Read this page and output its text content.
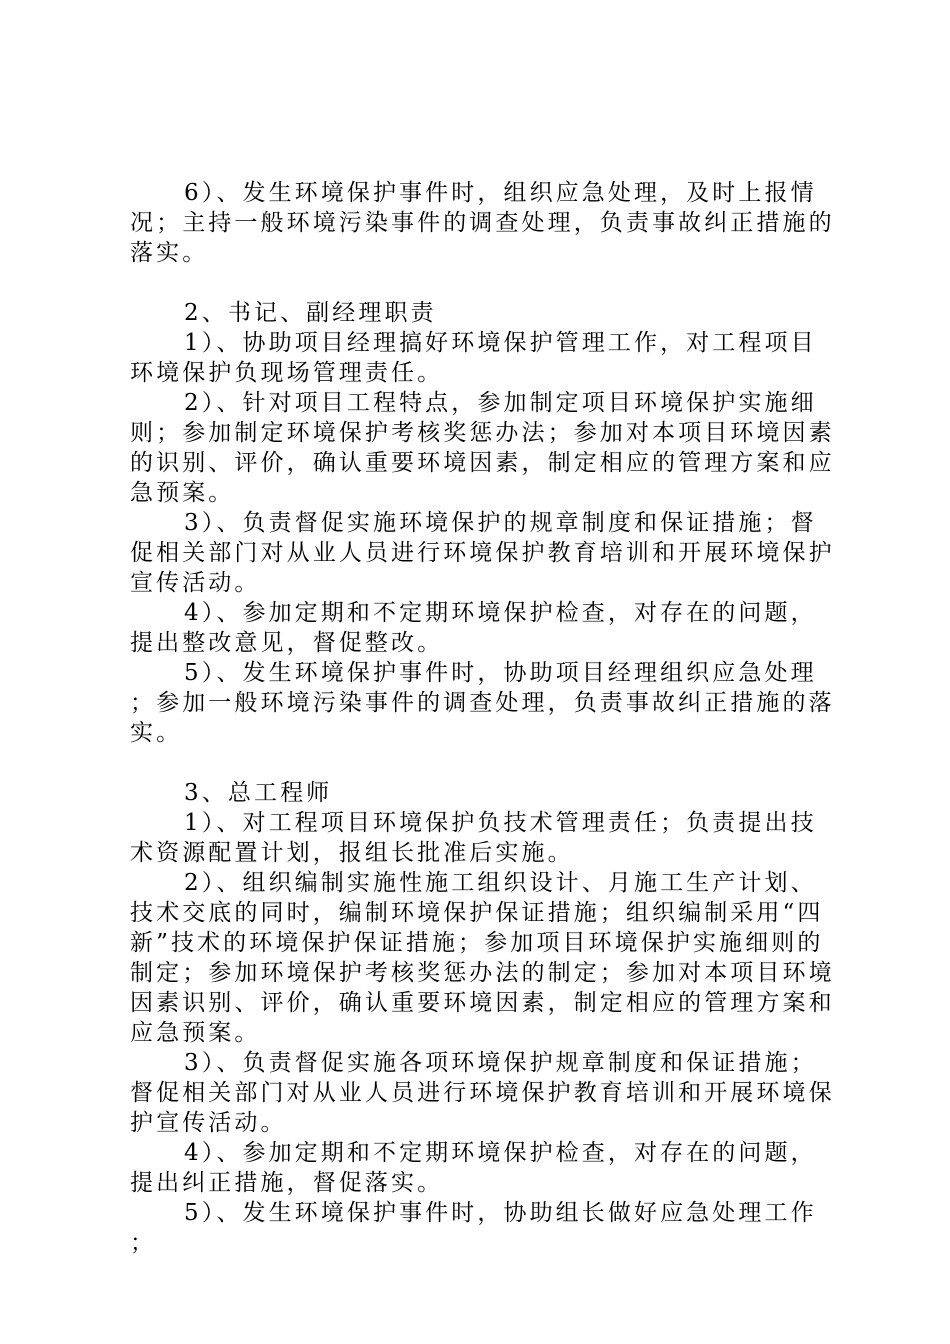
6）、发生环境保护事件时，组织应急处理，及时上报情况；主持一般环境污染事件的调查处理，负责事故纠正措施的落实。

2、书记、副经理职责

1）、协助项目经理搞好环境保护管理工作，对工程项目环境保护负现场管理责任。

2）、针对项目工程特点，参加制定项目环境保护实施细则；参加制定环境保护考核奖惩办法；参加对本项目环境因素的识别、评价，确认重要环境因素，制定相应的管理方案和应急预案。

3）、负责督促实施环境保护的规章制度和保证措施；督促相关部门对从业人员进行环境保护教育培训和开展环境保护宣传活动。

4）、参加定期和不定期环境保护检查，对存在的问题，提出整改意见，督促整改。

5）、发生环境保护事件时，协助项目经理组织应急处理；参加一般环境污染事件的调查处理，负责事故纠正措施的落实。

3、总工程师

1）、对工程项目环境保护负技术管理责任；负责提出技术资源配置计划，报组长批准后实施。

2）、组织编制实施性施工组织设计、月施工生产计划、技术交底的同时，编制环境保护保证措施；组织编制采用“四新”技术的环境保护保证措施；参加项目环境保护实施细则的制定；参加环境保护考核奖惩办法的制定；参加对本项目环境因素识别、评价，确认重要环境因素，制定相应的管理方案和应急预案。

3）、负责督促实施各项环境保护规章制度和保证措施；督促相关部门对从业人员进行环境保护教育培训和开展环境保护宣传活动。

4）、参加定期和不定期环境保护检查，对存在的问题，提出纠正措施，督促落实。

5）、发生环境保护事件时，协助组长做好应急处理工作；
